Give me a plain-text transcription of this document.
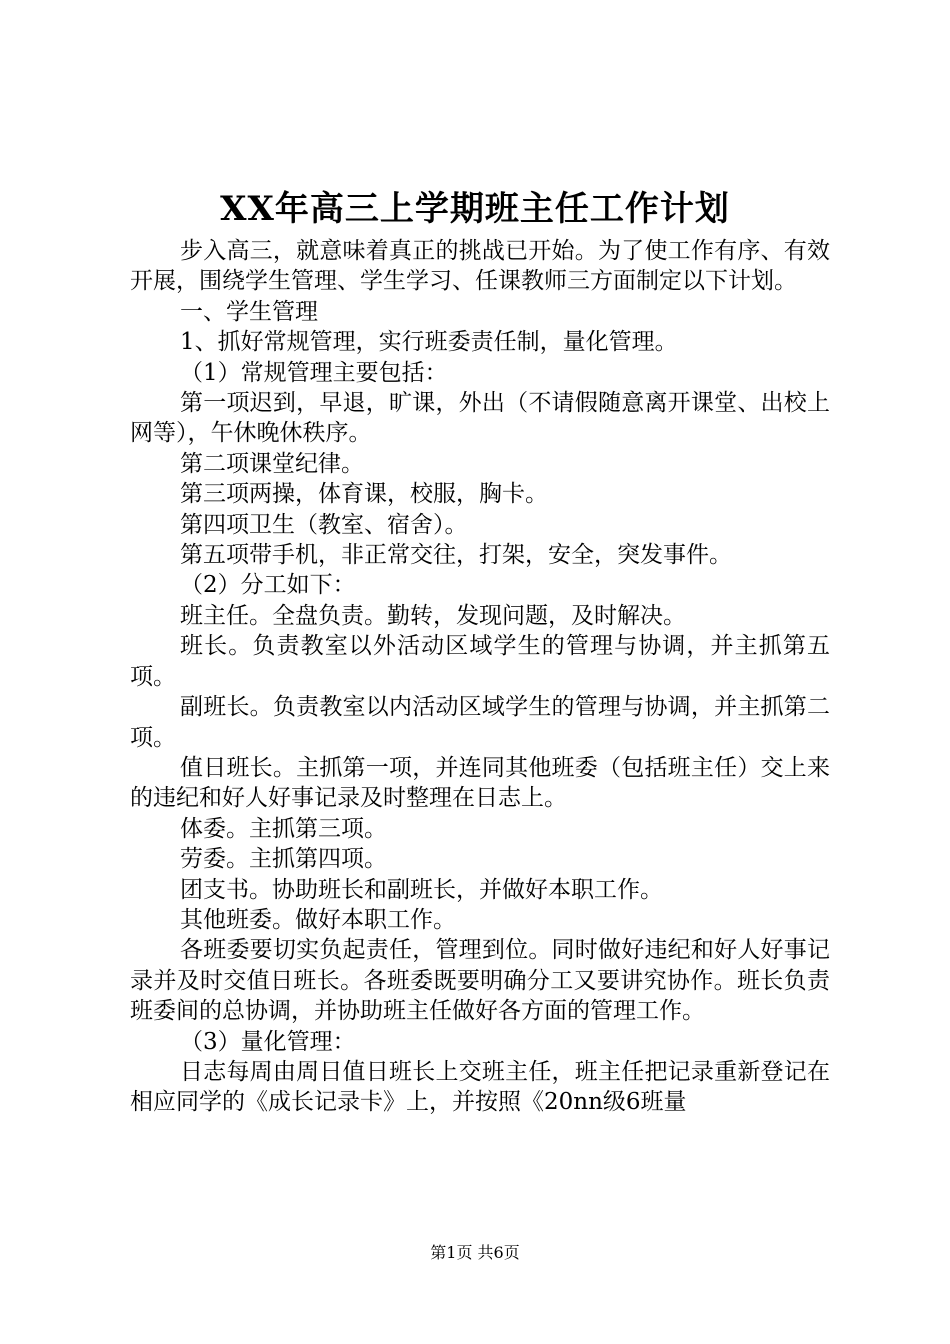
XX年高三上学期班主任工作计划

步入高三，就意味着真正的挑战已开始。为了使工作有序、有效开展，围绕学生管理、学生学习、任课教师三方面制定以下计划。

一、学生管理

1、抓好常规管理，实行班委责任制，量化管理。

（1）常规管理主要包括：

第一项迟到，早退，旷课，外出（不请假随意离开课堂、出校上网等），午休晚休秩序。

第二项课堂纪律。

第三项两操，体育课，校服，胸卡。

第四项卫生（教室、宿舍）。

第五项带手机，非正常交往，打架，安全，突发事件。

（2）分工如下：

班主任。全盘负责。勤转，发现问题，及时解决。

班长。负责教室以外活动区域学生的管理与协调，并主抓第五项。

副班长。负责教室以内活动区域学生的管理与协调，并主抓第二项。

值日班长。主抓第一项，并连同其他班委（包括班主任）交上来的违纪和好人好事记录及时整理在日志上。

体委。主抓第三项。

劳委。主抓第四项。

团支书。协助班长和副班长，并做好本职工作。

其他班委。做好本职工作。

各班委要切实负起责任，管理到位。同时做好违纪和好人好事记录并及时交值日班长。各班委既要明确分工又要讲究协作。班长负责班委间的总协调，并协助班主任做好各方面的管理工作。

（3）量化管理：

日志每周由周日值日班长上交班主任，班主任把记录重新登记在相应同学的《成长记录卡》上，并按照《20nn级6班量

第1页 共6页
